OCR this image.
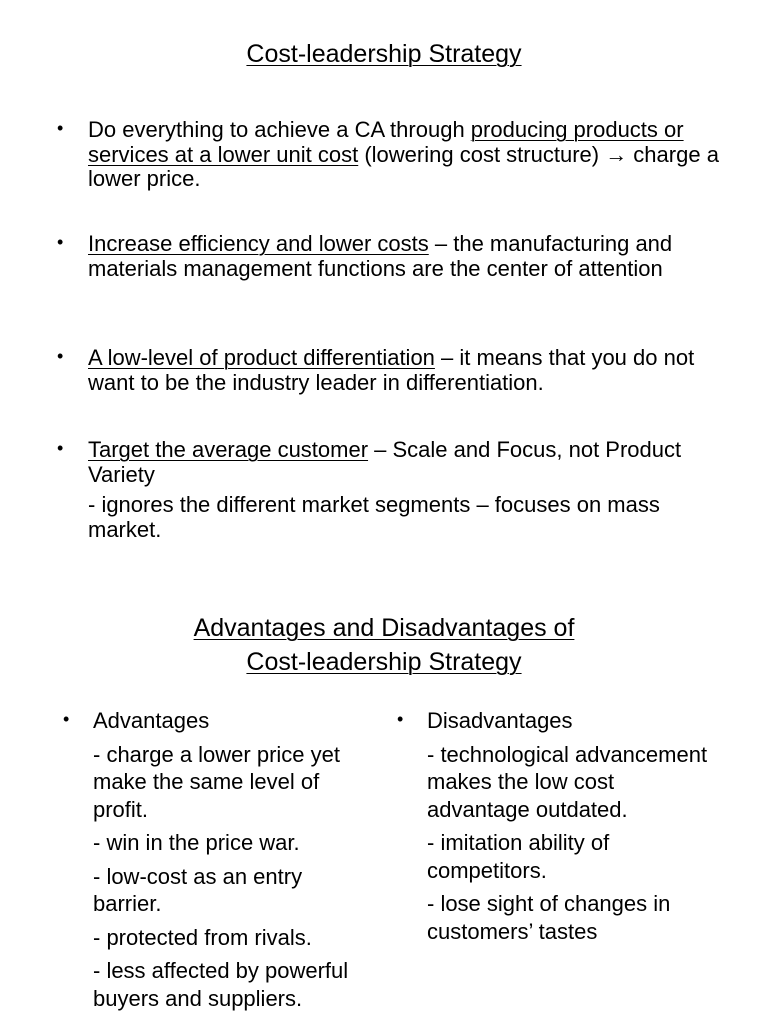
Cost-leadership Strategy
• Do everything to achieve a CA through producing products or services at a lower unit cost (lowering cost structure) → charge a lower price.
• Increase efficiency and lower costs – the manufacturing and materials management functions are the center of attention
• A low-level of product differentiation – it means that you do not want to be the industry leader in differentiation.
• Target the average customer – Scale and Focus, not Product Variety
- ignores the different market segments – focuses on mass market.
Advantages and Disadvantages of
Cost-leadership Strategy
• Advantages

- charge a lower price yet make the same level of profit.

- win in the price war.

- low-cost as an entry barrier.

- protected from rivals.

- less affected by powerful buyers and suppliers.

• Disadvantages

- technological advancement makes the low cost advantage outdated.

- imitation ability of competitors.

- lose sight of changes in customers’ tastes
